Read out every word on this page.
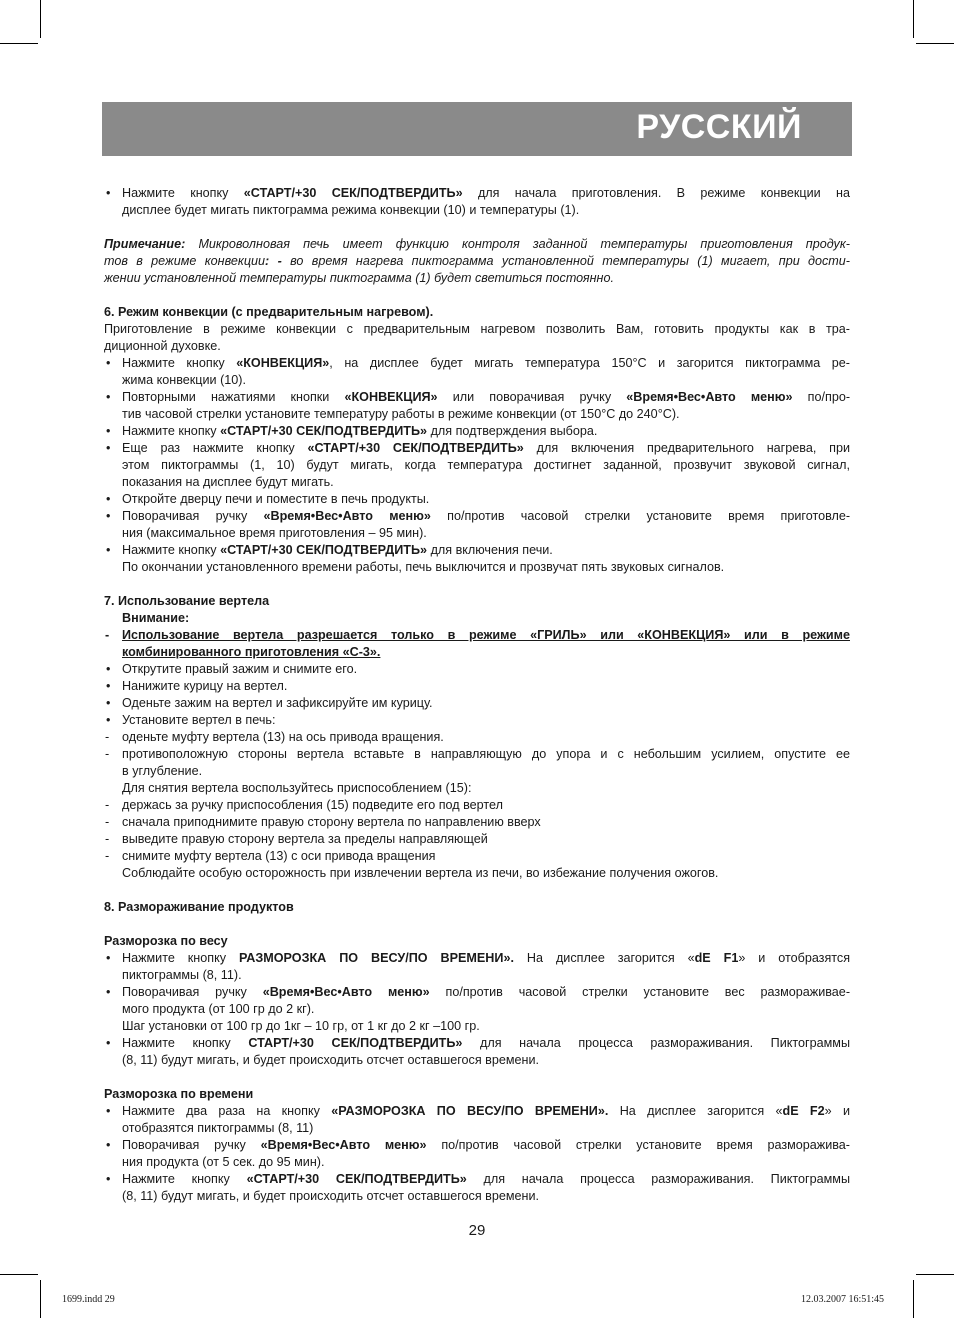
РУССКИЙ
• Нажмите кнопку «СТАРТ/+30 СЕК/ПОДТВЕРДИТЬ» для начала приготовления. В режиме конвекции на
дисплее будет мигать пиктограмма режима конвекции (10) и температуры (1).
Примечание: Микроволновая печь имеет функцию контроля заданной температуры приготовления продук-
тов в режиме конвекции: - во время нагрева пиктограмма установленной температуры (1) мигает, при дости-
жении установленной температуры пиктограмма (1) будет светиться постоянно.
6. Режим конвекции (с предварительным нагревом).
Приготовление в режиме конвекции с предварительным нагревом позволить Вам, готовить продукты как в тра-
диционной духовке.
• Нажмите кнопку «КОНВЕКЦИЯ», на дисплее будет мигать температура 150°C и загорится пиктограмма ре-
жима конвекции (10).
• Повторными нажатиями кнопки «КОНВЕКЦИЯ» или поворачивая ручку «Время•Вес•Авто меню» по/про-
тив часовой стрелки установите температуру работы в режиме конвекции (от 150°C до 240°C).
• Нажмите кнопку «СТАРТ/+30 СЕК/ПОДТВЕРДИТЬ» для подтверждения выбора.
• Еще раз нажмите кнопку «СТАРТ/+30 СЕК/ПОДТВЕРДИТЬ» для включения предварительного нагрева, при
этом пиктограммы (1, 10) будут мигать, когда температура достигнет заданной, прозвучит звуковой сигнал,
показания на дисплее будут мигать.
• Откройте дверцу печи и поместите в печь продукты.
• Поворачивая ручку «Время•Вес•Авто меню» по/против часовой стрелки установите время приготовле-
ния (максимальное время приготовления – 95 мин).
• Нажмите кнопку «СТАРТ/+30 СЕК/ПОДТВЕРДИТЬ» для включения печи.
По окончании установленного времени работы, печь выключится и прозвучат пять звуковых сигналов.
7. Использование вертела
Внимание:
- Использование вертела разрешается только в режиме «ГРИЛЬ» или «КОНВЕКЦИЯ» или в режиме
комбинированного приготовления «С-3».
• Открутите правый зажим и снимите его.
• Нанижите курицу на вертел.
• Оденьте зажим на вертел и зафиксируйте им курицу.
• Установите вертел в печь:
- оденьте муфту вертела (13) на ось привода вращения.
- противоположную стороны вертела вставьте в направляющую до упора и с небольшим усилием, опустите ее
в углубление.
Для снятия вертела воспользуйтесь приспособлением (15):
- держась за ручку приспособления (15) подведите его под вертел
- сначала приподнимите правую сторону вертела по направлению вверх
- выведите правую сторону вертела за пределы направляющей
- снимите муфту вертела (13) с оси привода вращения
Соблюдайте особую осторожность при извлечении вертела из печи, во избежание получения ожогов.
8. Размораживание продуктов
Разморозка по весу
• Нажмите кнопку РАЗМОРОЗКА ПО ВЕСУ/ПО ВРЕМЕНИ». На дисплее загорится «dE F1» и отобразятся
пиктограммы (8, 11).
• Поворачивая ручку «Время•Вес•Авто меню» по/против часовой стрелки установите вес размораживае-
мого продукта (от 100 гр до 2 кг).
Шаг установки от 100 гр до 1кг – 10 гр, от 1 кг до 2 кг –100 гр.
• Нажмите кнопку СТАРТ/+30 СЕК/ПОДТВЕРДИТЬ» для начала процесса размораживания. Пиктограммы
(8, 11) будут мигать, и будет происходить отсчет оставшегося времени.
Разморозка по времени
• Нажмите два раза на кнопку «РАЗМОРОЗКА ПО ВЕСУ/ПО ВРЕМЕНИ». На дисплее загорится «dE F2» и
отобразятся пиктограммы (8, 11)
• Поворачивая ручку «Время•Вес•Авто меню» по/против часовой стрелки установите время разморажива-
ния продукта (от 5 сек. до 95 мин).
• Нажмите кнопку «СТАРТ/+30 СЕК/ПОДТВЕРДИТЬ» для начала процесса размораживания. Пиктограммы
(8, 11) будут мигать, и будет происходить отсчет оставшегося времени.
29
1699.indd 29	12.03.2007 16:51:45
